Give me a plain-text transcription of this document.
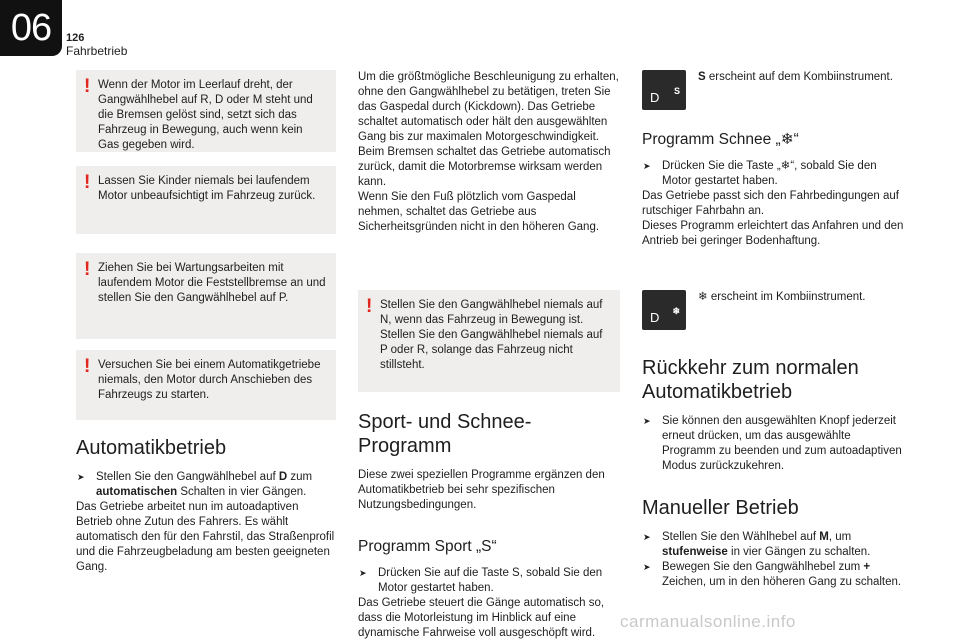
06	126
Fahrbetrieb
! Wenn der Motor im Leerlauf dreht, der Gangwählhebel auf R, D oder M steht und die Bremsen gelöst sind, setzt sich das Fahrzeug in Bewegung, auch wenn kein Gas gegeben wird.

! Lassen Sie Kinder niemals bei laufendem Motor unbeaufsichtigt im Fahrzeug zurück.

! Ziehen Sie bei Wartungsarbeiten mit laufendem Motor die Feststellbremse an und stellen Sie den Gangwählhebel auf P.

! Versuchen Sie bei einem Automatikgetriebe niemals, den Motor durch Anschieben des Fahrzeugs zu starten.

Automatikbetrieb

➤ Stellen Sie den Gangwählhebel auf D zum automatischen Schalten in vier Gängen.

Das Getriebe arbeitet nun im autoadaptiven Betrieb ohne Zutun des Fahrers. Es wählt automatisch den für den Fahrstil, das Straßenprofil und die Fahrzeugbeladung am besten geeigneten Gang.

Um die größtmögliche Beschleunigung zu erhalten, ohne den Gangwählhebel zu betätigen, treten Sie das Gaspedal durch (Kickdown). Das Getriebe schaltet automatisch oder hält den ausgewählten Gang bis zur maximalen Motorgeschwindigkeit.

Beim Bremsen schaltet das Getriebe automatisch zurück, damit die Motorbremse wirksam werden kann.

Wenn Sie den Fuß plötzlich vom Gaspedal nehmen, schaltet das Getriebe aus Sicherheitsgründen nicht in den höheren Gang.

! Stellen Sie den Gangwählhebel niemals auf N, wenn das Fahrzeug in Bewegung ist.

Stellen Sie den Gangwählhebel niemals auf P oder R, solange das Fahrzeug nicht stillsteht.

Sport- und Schnee-Programm

Diese zwei speziellen Programme ergänzen den Automatikbetrieb bei sehr spezifischen Nutzungsbedingungen.

Programm Sport „S“

➤ Drücken Sie auf die Taste S, sobald Sie den Motor gestartet haben.

Das Getriebe steuert die Gänge automatisch so, dass die Motorleistung im Hinblick auf eine dynamische Fahrweise voll ausgeschöpft wird.

D S

S erscheint auf dem Kombiinstrument.

Programm Schnee „❄“

➤ Drücken Sie die Taste „❄“, sobald Sie den Motor gestartet haben.

Das Getriebe passt sich den Fahrbedingungen auf rutschiger Fahrbahn an.

Dieses Programm erleichtert das Anfahren und den Antrieb bei geringer Bodenhaftung.

D ❄

❄ erscheint im Kombiinstrument.

Rückkehr zum normalen Automatikbetrieb

➤ Sie können den ausgewählten Knopf jederzeit erneut drücken, um das ausgewählte Programm zu beenden und zum autoadaptiven Modus zurückzukehren.

Manueller Betrieb

➤ Stellen Sie den Wählhebel auf M, um stufenweise in vier Gängen zu schalten.

➤ Bewegen Sie den Gangwählhebel zum + Zeichen, um in den höheren Gang zu schalten.

carmanualsonline.info
